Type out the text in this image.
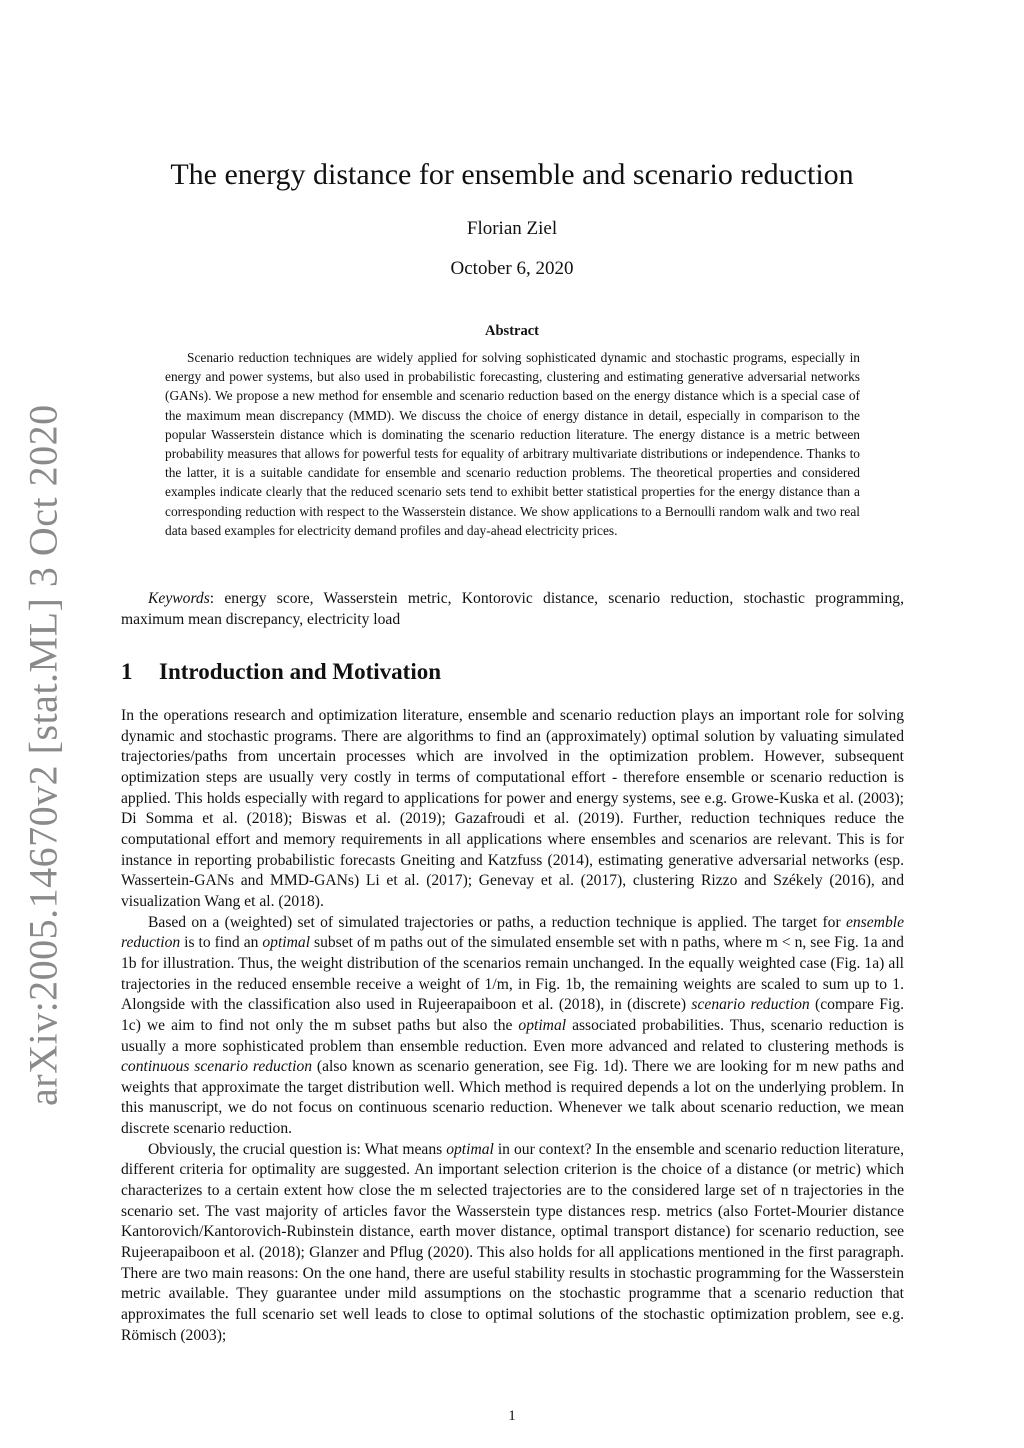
arXiv:2005.14670v2 [stat.ML] 3 Oct 2020
The energy distance for ensemble and scenario reduction
Florian Ziel
October 6, 2020
Abstract

Scenario reduction techniques are widely applied for solving sophisticated dynamic and stochastic programs, especially in energy and power systems, but also used in probabilistic forecasting, clustering and estimating generative adversarial networks (GANs). We propose a new method for ensemble and scenario reduction based on the energy distance which is a special case of the maximum mean discrepancy (MMD). We discuss the choice of energy distance in detail, especially in comparison to the popular Wasserstein distance which is dominating the scenario reduction literature. The energy distance is a metric between probability measures that allows for powerful tests for equality of arbitrary multivariate distributions or independence. Thanks to the latter, it is a suitable candidate for ensemble and scenario reduction problems. The theoretical properties and considered examples indicate clearly that the reduced scenario sets tend to exhibit better statistical properties for the energy distance than a corresponding reduction with respect to the Wasserstein distance. We show applications to a Bernoulli random walk and two real data based examples for electricity demand profiles and day-ahead electricity prices.

Keywords: energy score, Wasserstein metric, Kontorovic distance, scenario reduction, stochastic programming, maximum mean discrepancy, electricity load

1 Introduction and Motivation

In the operations research and optimization literature, ensemble and scenario reduction plays an important role for solving dynamic and stochastic programs. There are algorithms to find an (approximately) optimal solution by valuating simulated trajectories/paths from uncertain processes which are involved in the optimization problem. However, subsequent optimization steps are usually very costly in terms of computational effort - therefore ensemble or scenario reduction is applied. This holds especially with regard to applications for power and energy systems, see e.g. Growe-Kuska et al. (2003); Di Somma et al. (2018); Biswas et al. (2019); Gazafroudi et al. (2019). Further, reduction techniques reduce the computational effort and memory requirements in all applications where ensembles and scenarios are relevant. This is for instance in reporting probabilistic forecasts Gneiting and Katzfuss (2014), estimating generative adversarial networks (esp. Wassertein-GANs and MMD-GANs) Li et al. (2017); Genevay et al. (2017), clustering Rizzo and Székely (2016), and visualization Wang et al. (2018).

Based on a (weighted) set of simulated trajectories or paths, a reduction technique is applied. The target for ensemble reduction is to find an optimal subset of m paths out of the simulated ensemble set with n paths, where m < n, see Fig. 1a and 1b for illustration. Thus, the weight distribution of the scenarios remain unchanged. In the equally weighted case (Fig. 1a) all trajectories in the reduced ensemble receive a weight of 1/m, in Fig. 1b, the remaining weights are scaled to sum up to 1. Alongside with the classification also used in Rujeerapaiboon et al. (2018), in (discrete) scenario reduction (compare Fig. 1c) we aim to find not only the m subset paths but also the optimal associated probabilities. Thus, scenario reduction is usually a more sophisticated problem than ensemble reduction. Even more advanced and related to clustering methods is continuous scenario reduction (also known as scenario generation, see Fig. 1d). There we are looking for m new paths and weights that approximate the target distribution well. Which method is required depends a lot on the underlying problem. In this manuscript, we do not focus on continuous scenario reduction. Whenever we talk about scenario reduction, we mean discrete scenario reduction.

Obviously, the crucial question is: What means optimal in our context? In the ensemble and scenario reduction literature, different criteria for optimality are suggested. An important selection criterion is the choice of a distance (or metric) which characterizes to a certain extent how close the m selected trajectories are to the considered large set of n trajectories in the scenario set. The vast majority of articles favor the Wasserstein type distances resp. metrics (also Fortet-Mourier distance Kantorovich/Kantorovich-Rubinstein distance, earth mover distance, optimal transport distance) for scenario reduction, see Rujeerapaiboon et al. (2018); Glanzer and Pflug (2020). This also holds for all applications mentioned in the first paragraph. There are two main reasons: On the one hand, there are useful stability results in stochastic programming for the Wasserstein metric available. They guarantee under mild assumptions on the stochastic programme that a scenario reduction that approximates the full scenario set well leads to close to optimal solutions of the stochastic optimization problem, see e.g. Römisch (2003);

1
